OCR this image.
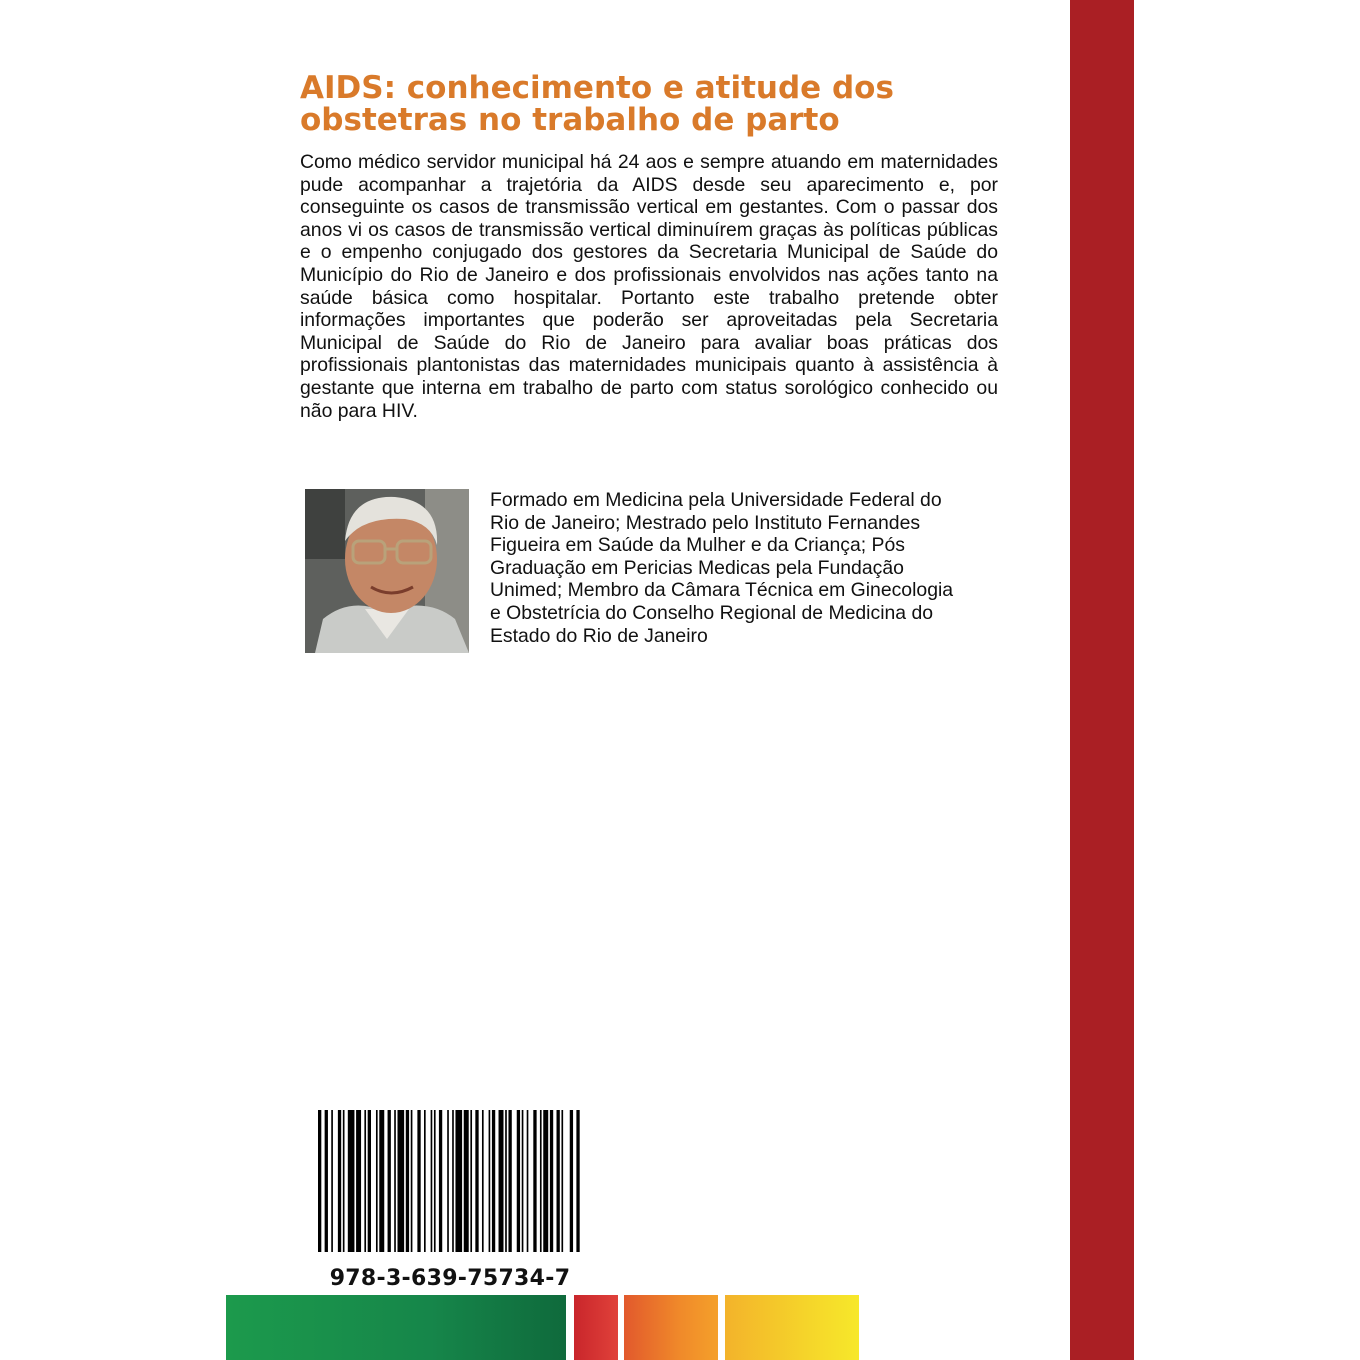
AIDS: conhecimento e atitude dos
obstetras no trabalho de parto

Como médico servidor municipal há 24 aos e sempre atuando em maternidades pude acompanhar a trajetória da AIDS desde seu aparecimento e, por conseguinte os casos de transmissão vertical em gestantes. Com o passar dos anos vi os casos de transmissão vertical diminuírem graças às políticas públicas e o empenho conjugado dos gestores da Secretaria Municipal de Saúde do Município do Rio de Janeiro e dos profissionais envolvidos nas ações tanto na saúde básica como hospitalar. Portanto este trabalho pretende obter informações importantes que poderão ser aproveitadas pela Secretaria Municipal de Saúde do Rio de Janeiro para avaliar boas práticas dos profissionais plantonistas das maternidades municipais quanto à assistência à gestante que interna em trabalho de parto com status sorológico conhecido ou não para HIV.

Formado em Medicina pela Universidade Federal do
Rio de Janeiro; Mestrado pelo Instituto Fernandes
Figueira em Saúde da Mulher e da Criança; Pós
Graduação em Pericias Medicas pela Fundação
Unimed; Membro da Câmara Técnica em Ginecologia
e Obstetrícia do Conselho Regional de Medicina do
Estado do Rio de Janeiro
978-3-639-75734-7
